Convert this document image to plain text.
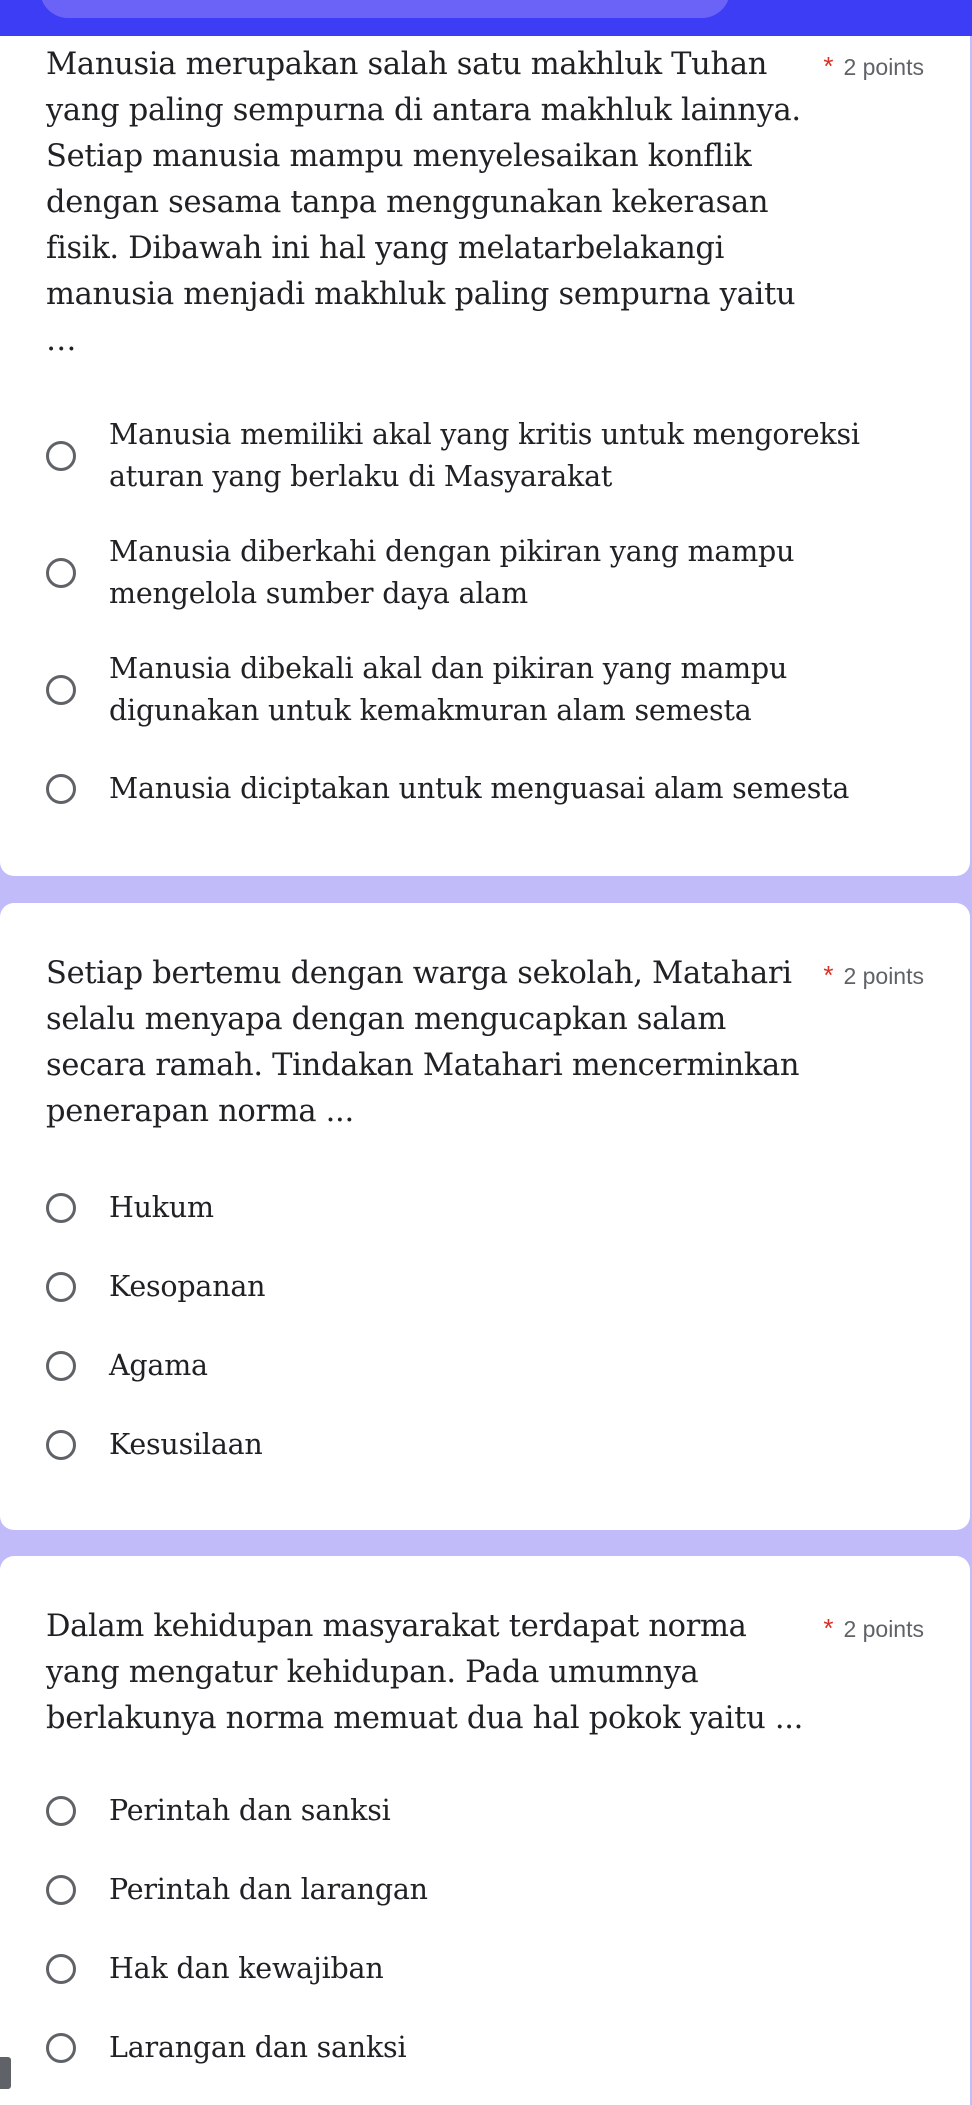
Manusia merupakan salah satu makhluk Tuhan yang paling sempurna di antara makhluk lainnya. Setiap manusia mampu menyelesaikan konflik dengan sesama tanpa menggunakan kekerasan fisik. Dibawah ini hal yang melatarbelakangi manusia menjadi makhluk paling sempurna yaitu …
* 2 points
Manusia memiliki akal yang kritis untuk mengoreksi aturan yang berlaku di Masyarakat
Manusia diberkahi dengan pikiran yang mampu mengelola sumber daya alam
Manusia dibekali akal dan pikiran yang mampu digunakan untuk kemakmuran alam semesta
Manusia diciptakan untuk menguasai alam semesta
Setiap bertemu dengan warga sekolah, Matahari selalu menyapa dengan mengucapkan salam secara ramah. Tindakan Matahari mencerminkan penerapan norma ...
* 2 points
Hukum
Kesopanan
Agama
Kesusilaan
Dalam kehidupan masyarakat terdapat norma yang mengatur kehidupan. Pada umumnya berlakunya norma memuat dua hal pokok yaitu ...
* 2 points
Perintah dan sanksi
Perintah dan larangan
Hak dan kewajiban
Larangan dan sanksi
